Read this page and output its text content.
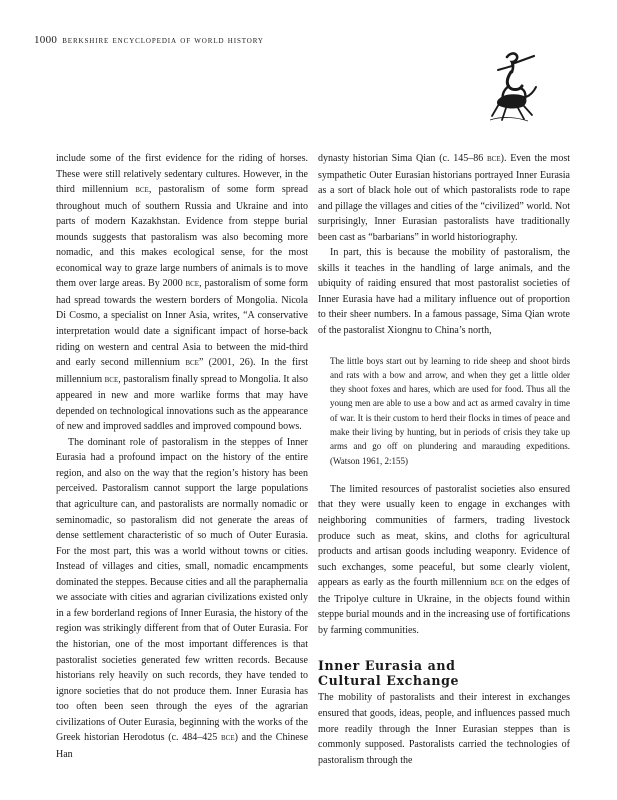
1000 berkshire encyclopedia of world history

include some of the first evidence for the riding of horses. These were still relatively sedentary cultures. However, in the third millennium bce, pastoralism of some form spread throughout much of southern Russia and Ukraine and into parts of modern Kazakhstan. Evidence from steppe burial mounds suggests that pastoralism was also becoming more nomadic, and this makes ecological sense, for the most economical way to graze large numbers of animals is to move them over large areas. By 2000 bce, pastoralism of some form had spread towards the western borders of Mongolia. Nicola Di Cosmo, a specialist on Inner Asia, writes, “A conservative interpretation would date a significant impact of horse-back riding on western and central Asia to between the mid-third and early second millennium bce” (2001, 26). In the first millennium bce, pastoralism finally spread to Mongolia. It also appeared in new and more warlike forms that may have depended on technological innovations such as the appearance of new and improved saddles and improved compound bows.

The dominant role of pastoralism in the steppes of Inner Eurasia had a profound impact on the history of the entire region, and also on the way that the region’s history has been perceived. Pastoralism cannot support the large populations that agriculture can, and pastoralists are normally nomadic or seminomadic, so pastoralism did not generate the areas of dense settlement characteristic of so much of Outer Eurasia. For the most part, this was a world without towns or cities. Instead of villages and cities, small, nomadic encampments dominated the steppes. Because cities and all the paraphernalia we associate with cities and agrarian civilizations existed only in a few borderland regions of Inner Eurasia, the history of the region was strikingly different from that of Outer Eurasia. For the historian, one of the most important differences is that pastoralist societies generated few written records. Because historians rely heavily on such records, they have tended to ignore societies that do not produce them. Inner Eurasia has too often been seen through the eyes of the agrarian civilizations of Outer Eurasia, beginning with the works of the Greek historian Herodotus (c. 484–425 bce) and the Chinese Han

dynasty historian Sima Qian (c. 145–86 bce). Even the most sympathetic Outer Eurasian historians portrayed Inner Eurasia as a sort of black hole out of which pastoralists rode to rape and pillage the villages and cities of the “civilized” world. Not surprisingly, Inner Eurasian pastoralists have traditionally been cast as “barbarians” in world historiography.

In part, this is because the mobility of pastoralism, the skills it teaches in the handling of large animals, and the ubiquity of raiding ensured that most pastoralist societies of Inner Eurasia have had a military influence out of proportion to their sheer numbers. In a famous passage, Sima Qian wrote of the pastoralist Xiongnu to China’s north,

The little boys start out by learning to ride sheep and shoot birds and rats with a bow and arrow, and when they get a little older they shoot foxes and hares, which are used for food. Thus all the young men are able to use a bow and act as armed cavalry in time of war. It is their custom to herd their flocks in times of peace and make their living by hunting, but in periods of crisis they take up arms and go off on plundering and marauding expeditions. (Watson 1961, 2:155)

The limited resources of pastoralist societies also ensured that they were usually keen to engage in exchanges with neighboring communities of farmers, trading livestock produce such as meat, skins, and cloths for agricultural products and artisan goods including weaponry. Evidence of such exchanges, some peaceful, but some clearly violent, appears as early as the fourth millennium bce on the edges of the Tripolye culture in Ukraine, in the objects found within steppe burial mounds and in the increasing use of fortifications by farming communities.

Inner Eurasia and
Cultural Exchange

The mobility of pastoralists and their interest in exchanges ensured that goods, ideas, people, and influences passed much more readily through the Inner Eurasian steppes than is commonly supposed. Pastoralists carried the technologies of pastoralism through the
